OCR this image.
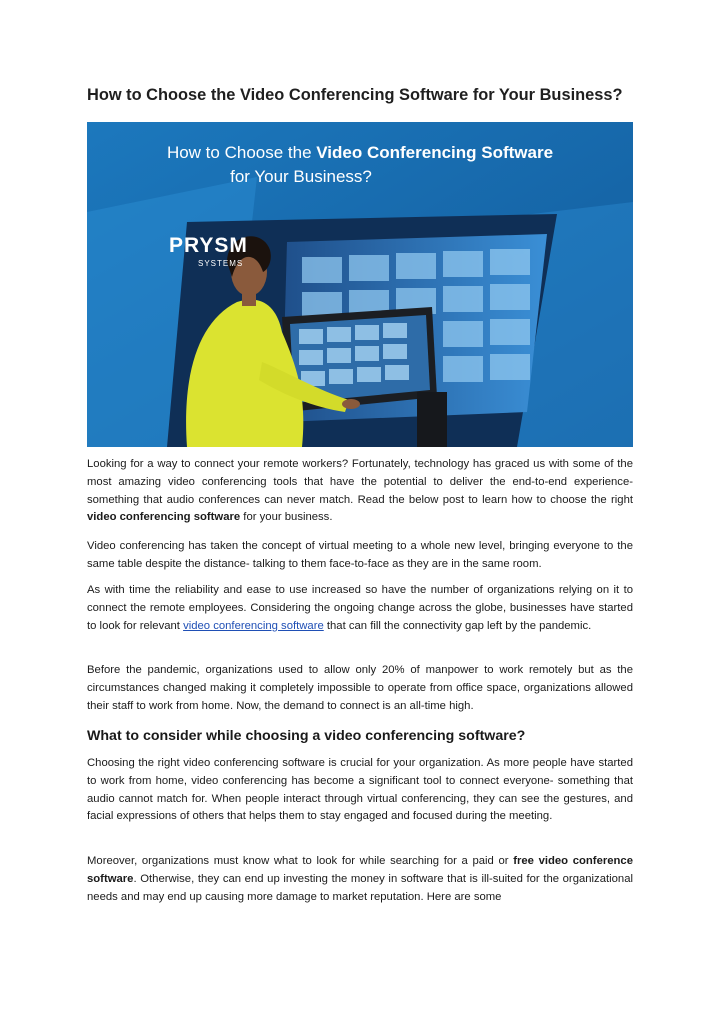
How to Choose the Video Conferencing Software for Your Business?
How to Choose the Video Conferencing Software
for Your Business?
PRYSM
SYSTEMS

Looking for a way to connect your remote workers? Fortunately, technology has graced us with some of the most amazing video conferencing tools that have the potential to deliver the end-to-end experience- something that audio conferences can never match. Read the below post to learn how to choose the right video conferencing software for your business.

Video conferencing has taken the concept of virtual meeting to a whole new level, bringing everyone to the same table despite the distance- talking to them face-to-face as they are in the same room.

As with time the reliability and ease to use increased so have the number of organizations relying on it to connect the remote employees. Considering the ongoing change across the globe, businesses have started to look for relevant video conferencing software that can fill the connectivity gap left by the pandemic.

Before the pandemic, organizations used to allow only 20% of manpower to work remotely but as the circumstances changed making it completely impossible to operate from office space, organizations allowed their staff to work from home. Now, the demand to connect is an all-time high.

What to consider while choosing a video conferencing software?

Choosing the right video conferencing software is crucial for your organization. As more people have started to work from home, video conferencing has become a significant tool to connect everyone- something that audio cannot match for. When people interact through virtual conferencing, they can see the gestures, and facial expressions of others that helps them to stay engaged and focused during the meeting.

Moreover, organizations must know what to look for while searching for a paid or free video conference software. Otherwise, they can end up investing the money in software that is ill-suited for the organizational needs and may end up causing more damage to market reputation. Here are some
